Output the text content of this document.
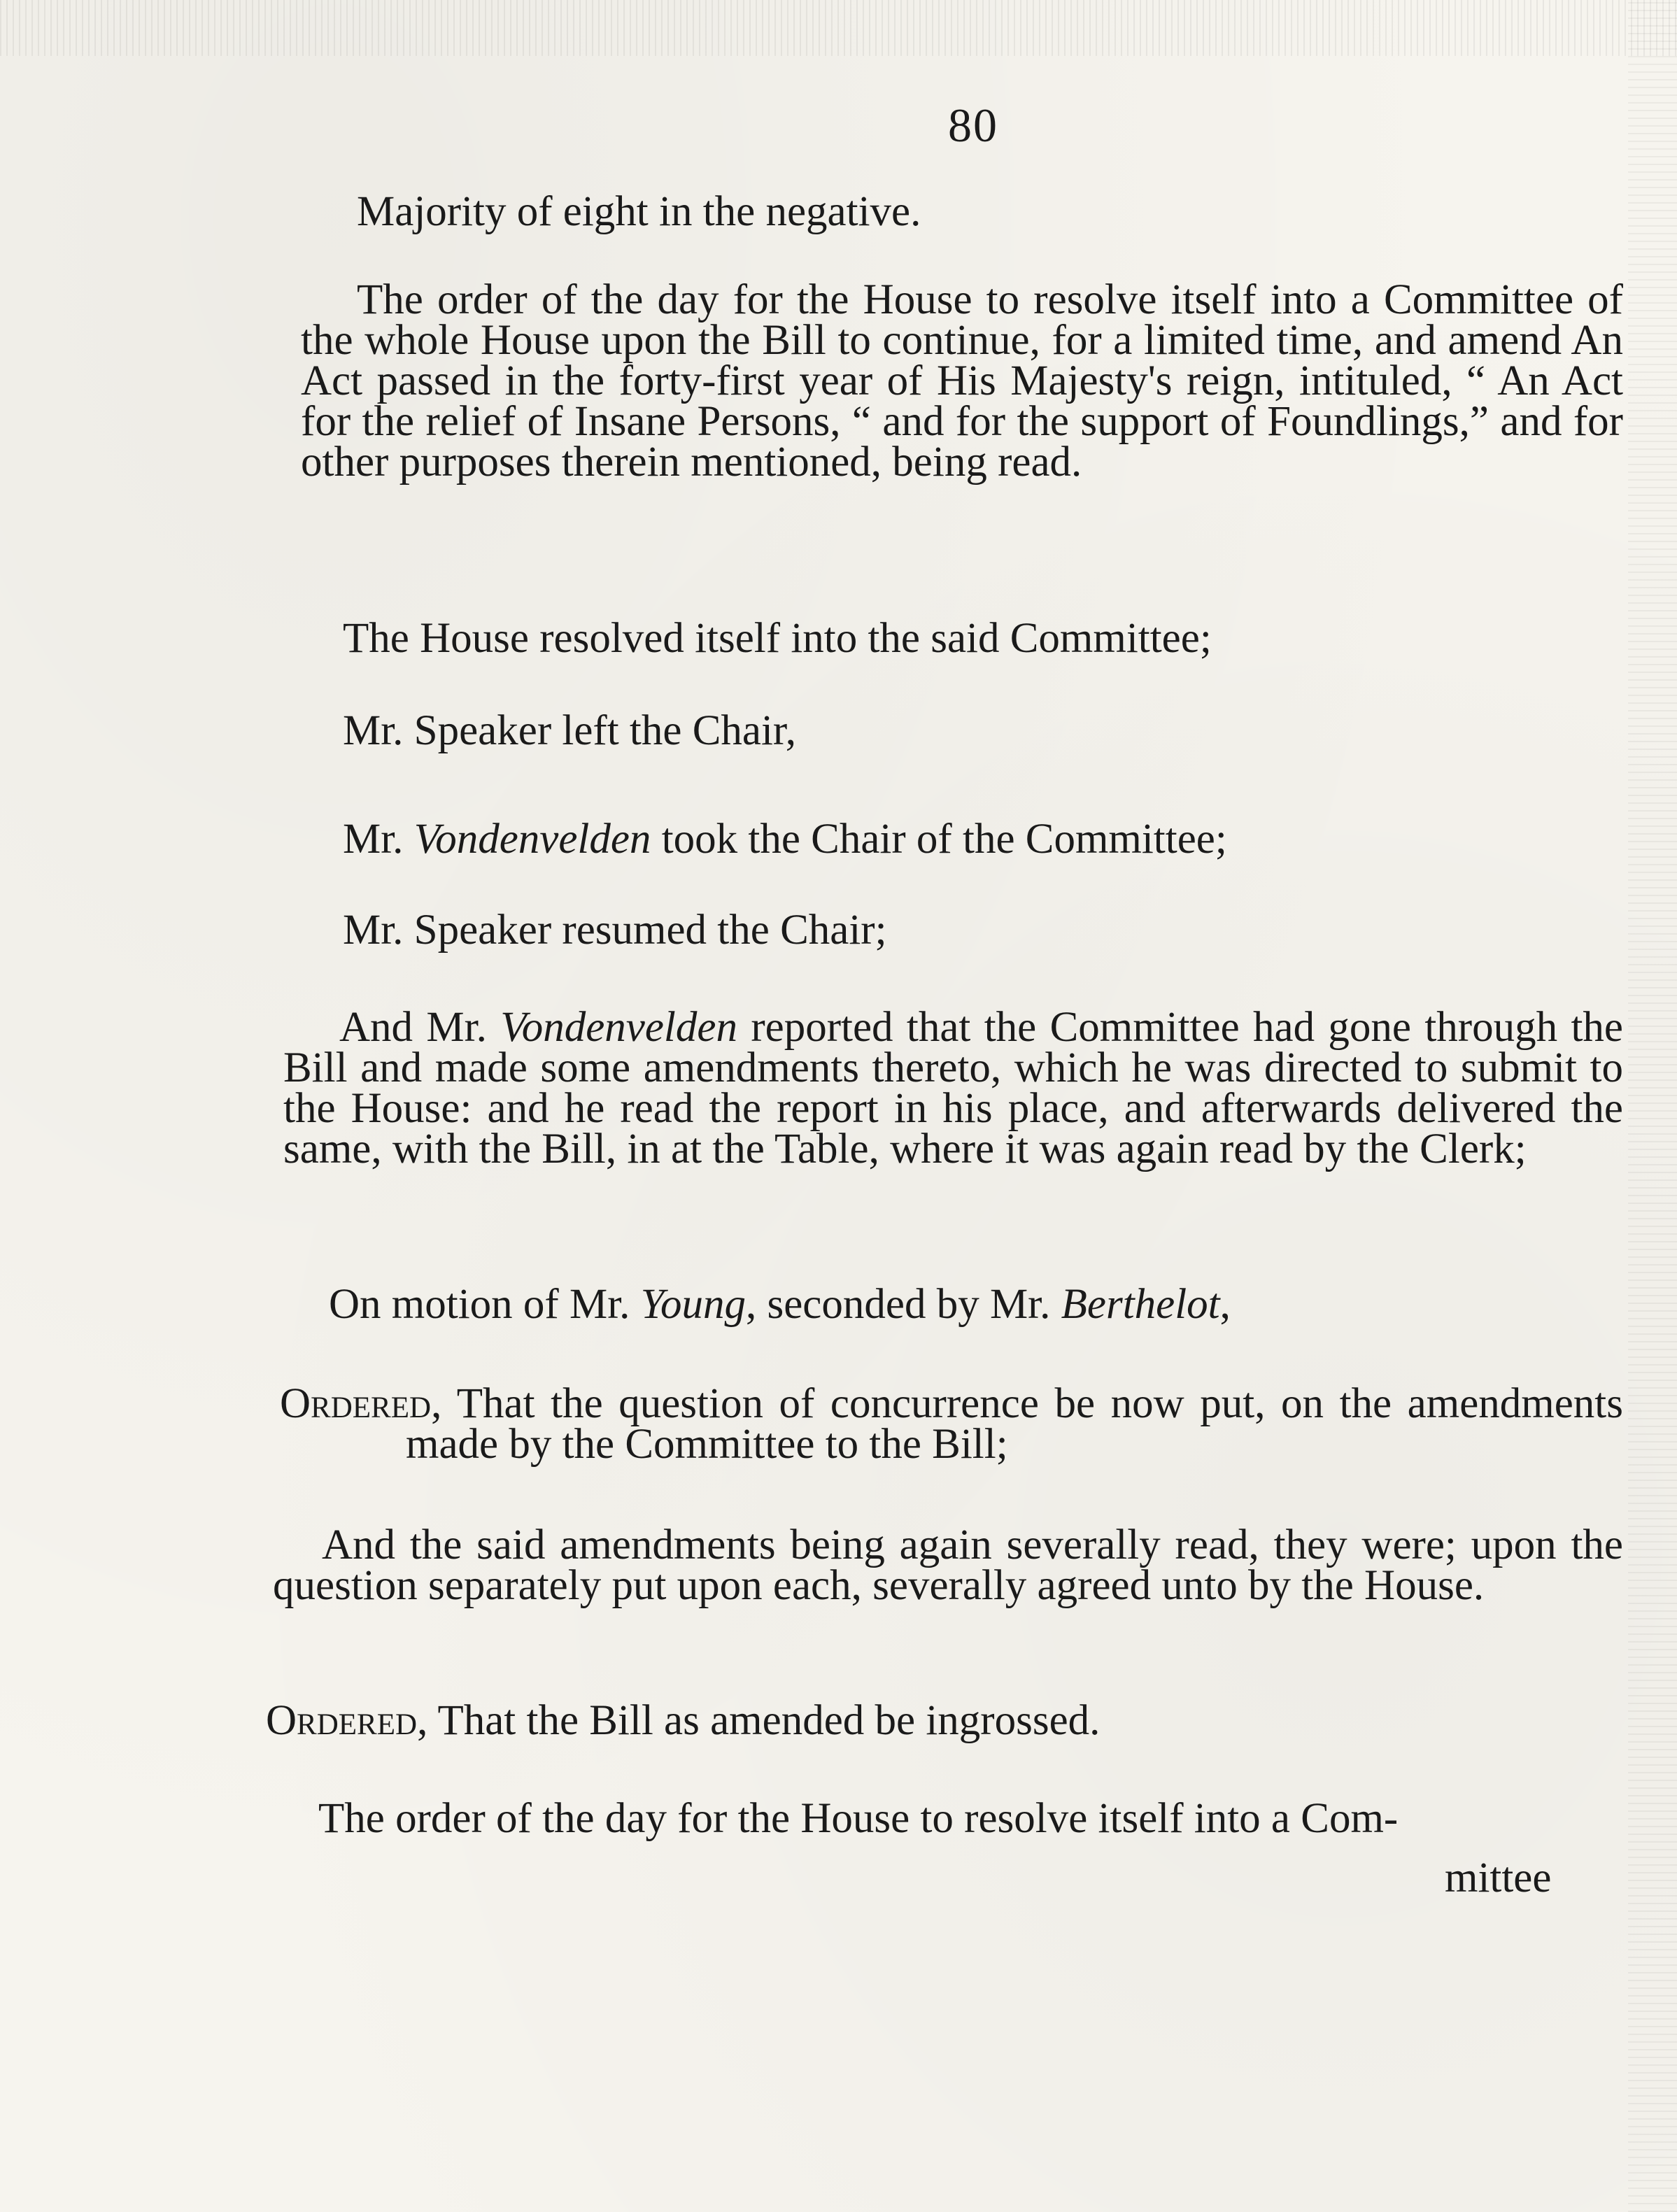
80
Majority of eight in the negative.
The order of the day for the House to resolve itself into a Committee of the whole House upon the Bill to continue, for a limited time, and amend An Act passed in the forty-first year of His Majesty's reign, intituled, “ An Act for the relief of Insane Persons, “ and for the support of Foundlings,” and for other purposes therein mentioned, being read.
The House resolved itself into the said Committee;
Mr. Speaker left the Chair,
Mr. Vondenvelden took the Chair of the Committee;
Mr. Speaker resumed the Chair;
And Mr. Vondenvelden reported that the Committee had gone through the Bill and made some amendments thereto, which he was directed to submit to the House: and he read the report in his place, and afterwards delivered the same, with the Bill, in at the Table, where it was again read by the Clerk;
On motion of Mr. Young, seconded by Mr. Berthelot,
Ordered, That the question of concurrence be now put, on the amendments made by the Committee to the Bill;
And the said amendments being again severally read, they were; upon the question separately put upon each, severally agreed unto by the House.
Ordered, That the Bill as amended be ingrossed.
The order of the day for the House to resolve itself into a Com-
mittee
